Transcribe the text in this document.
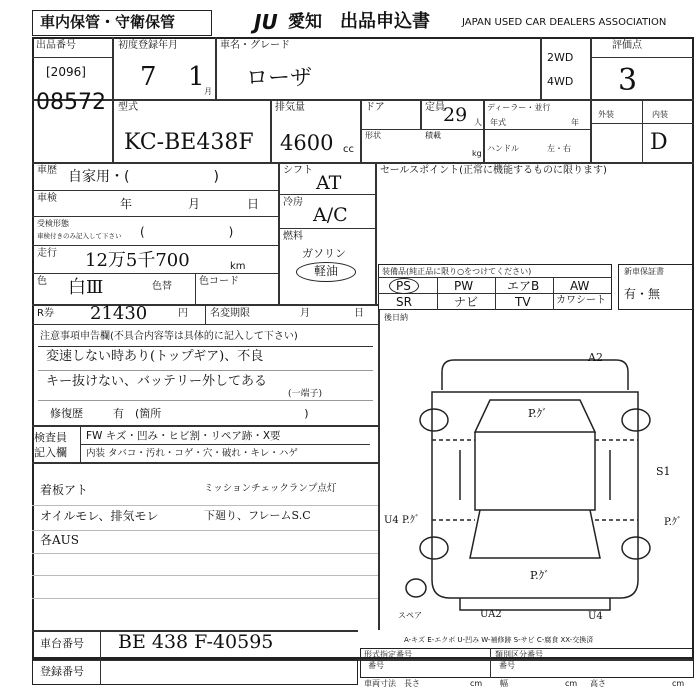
車内保管・守衛保管	JU 愛知 出品申込書	JAPAN USED CAR DEALERS ASSOCIATION
出品番号
[2096]
08572
初度登録年月
7 1 月
車名・グレード
ローザ
2WD
4WD
評価点
3
型式
KC-BE438F
排気量
4600 cc
ドア	定員
29 人
ディーラー・並行
年式	年
形状	積載
kg
ハンドル	左・右
外装	内装
D
車歴 自家用・(　　　　　　)
車検	年	月	日
受検形態
車検付きのみ記入して下さい (　　　　　　　)
走行 12万5千700	km
色 白Ⅲ	色替	色コード
シフト
AT
冷房
A/C
燃料
ガソリン
軽油
セールスポイント(正常に機能するものに限ります)
装備品(純正品に限り○をつけてください)
PS	PW	エアB	AW
SR	ナビ	TV	カワシート
新車保証書
有・無
R券 21430	円 名変期限	月	日	後日納
注意事項申告欄(不具合内容等は具体的に記入して下さい)
変速しない時あり(トップギア)、不良
キー抜けない、バッテリー外してある
(一端子)
修復歴	有　(箇所　　　　　　　　　　　　　)
検査員
記入欄
FW キズ・凹み・ヒビ割・リペア跡・X要
内装 タバコ・汚れ・コゲ・穴・破れ・キレ・ハゲ
着板アト	ミッションチェックランプ点灯
オイルモレ、排気モレ	下廻り、フレームS.C
各AUS
A2
P.ｸﾞ
S1
P.ｸﾞ
U4 P.ｸﾞ
P.ｸﾞ
UA2	U4
スペア
A-キズ E-エクボ U-凹み W-補修跡 S-サビ C-腐食 XX-交換済
車台番号 BE 438 F-40595
登録番号
形式指定番号
番号
類別区分番号
番号
車両寸法 長さ	cm 幅	cm 高さ	cm
